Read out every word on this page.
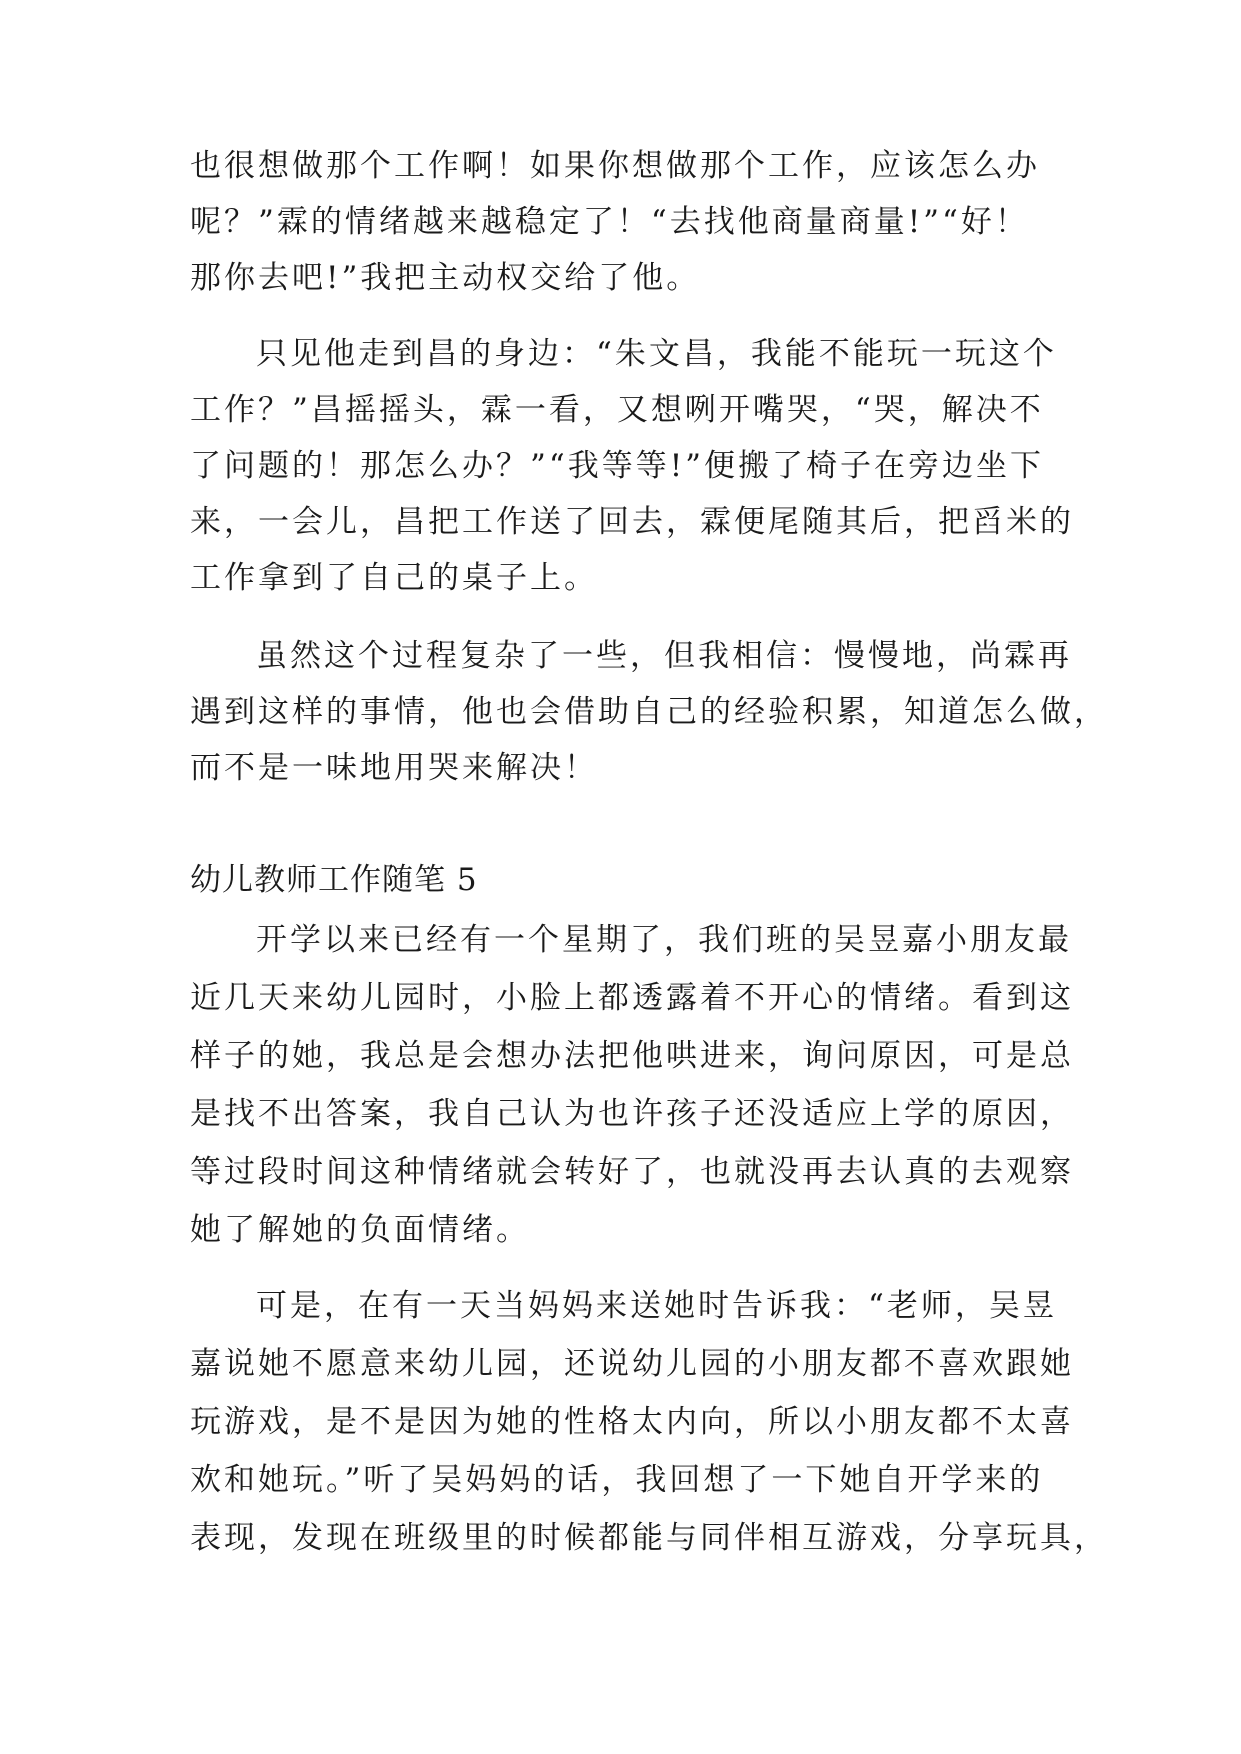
也很想做那个工作啊！如果你想做那个工作，应该怎么办
呢？”霖的情绪越来越稳定了！“去找他商量商量!”“好！
那你去吧!”我把主动权交给了他。
只见他走到昌的身边：“朱文昌，我能不能玩一玩这个
工作？”昌摇摇头，霖一看，又想咧开嘴哭，“哭，解决不
了问题的！那怎么办？”“我等等!”便搬了椅子在旁边坐下
来，一会儿，昌把工作送了回去，霖便尾随其后，把舀米的
工作拿到了自己的桌子上。
虽然这个过程复杂了一些，但我相信：慢慢地，尚霖再
遇到这样的事情，他也会借助自己的经验积累，知道怎么做，
而不是一味地用哭来解决！
幼儿教师工作随笔 5
开学以来已经有一个星期了，我们班的吴昱嘉小朋友最
近几天来幼儿园时，小脸上都透露着不开心的情绪。看到这
样子的她，我总是会想办法把他哄进来，询问原因，可是总
是找不出答案，我自己认为也许孩子还没适应上学的原因，
等过段时间这种情绪就会转好了，也就没再去认真的去观察
她了解她的负面情绪。
可是，在有一天当妈妈来送她时告诉我：“老师，吴昱
嘉说她不愿意来幼儿园，还说幼儿园的小朋友都不喜欢跟她
玩游戏，是不是因为她的性格太内向，所以小朋友都不太喜
欢和她玩。”听了吴妈妈的话，我回想了一下她自开学来的
表现，发现在班级里的时候都能与同伴相互游戏，分享玩具，
